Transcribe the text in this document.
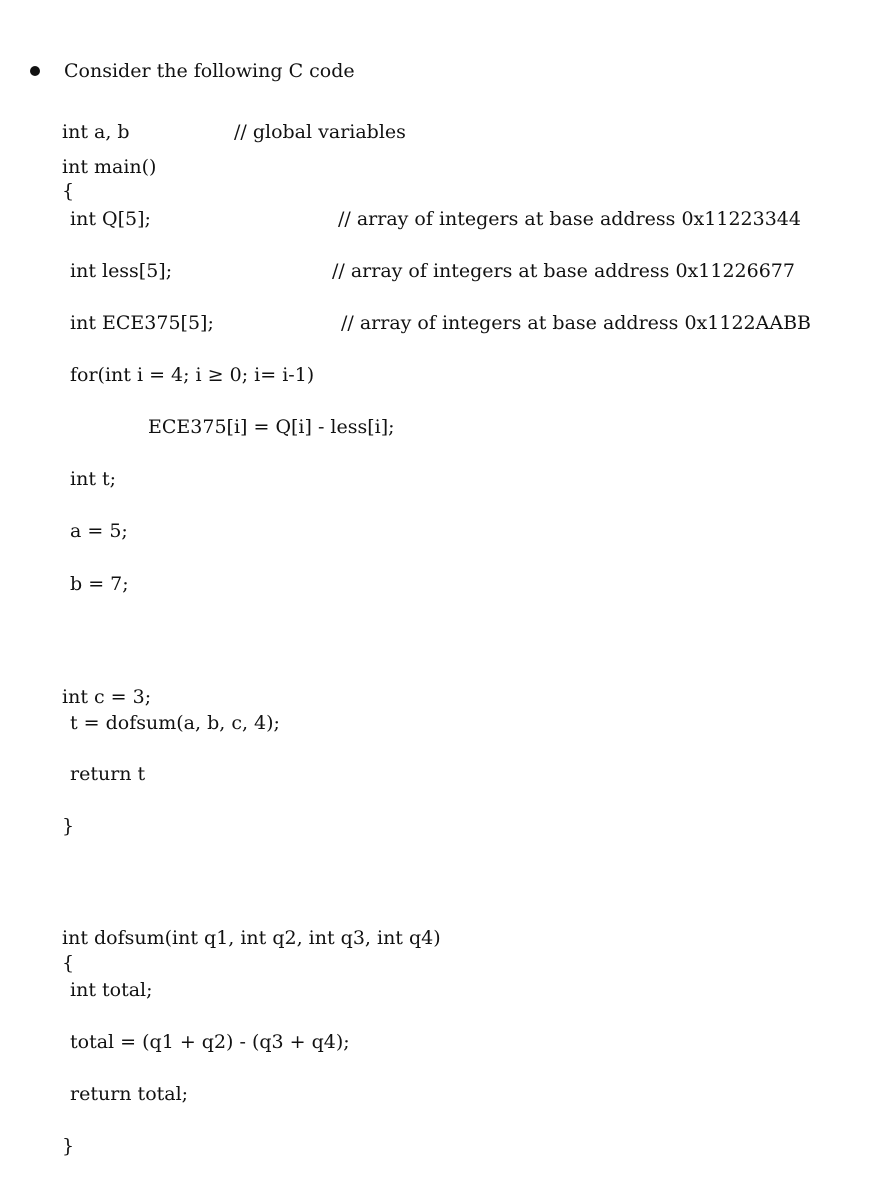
Consider the following C code
int a, b	// global variables
int main()
{
int Q[5];	// array of integers at base address 0x11223344
int less[5];	// array of integers at base address 0x11226677
int ECE375[5];	// array of integers at base address 0x1122AABB
for(int i = 4; i ≥ 0; i= i-1)
ECE375[i] = Q[i] - less[i];
int t;
a = 5;
b = 7;
int c = 3;
t = dofsum(a, b, c, 4);
return t
}
int dofsum(int q1, int q2, int q3, int q4)
{
int total;
total = (q1 + q2) - (q3 + q4);
return total;
}
